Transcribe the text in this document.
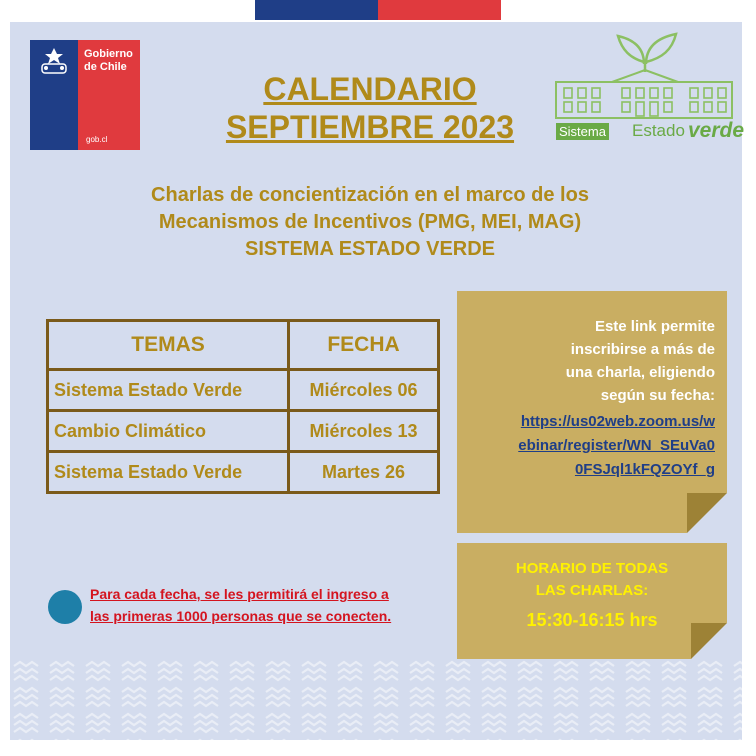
Gobierno
de Chile
gob.cl
CALENDARIO
SEPTIEMBRE 2023	Sistema Estado verde
Charlas de concientización en el marco de los
Mecanismos de Incentivos (PMG, MEI, MAG)
SISTEMA ESTADO VERDE
TEMAS	FECHA
Sistema Estado Verde	Miércoles 06
Cambio Climático	Miércoles 13
Sistema Estado Verde	Martes 26
Este link permite
inscribirse a más de
una charla, eligiendo
según su fecha:
https://us02web.zoom.us/w
ebinar/register/WN_SEuVa0
0FSJql1kFQZOYf_g
HORARIO DE TODAS
LAS CHARLAS:
15:30-16:15 hrs
Para cada fecha, se les permitirá el ingreso a
las primeras 1000 personas que se conecten.
